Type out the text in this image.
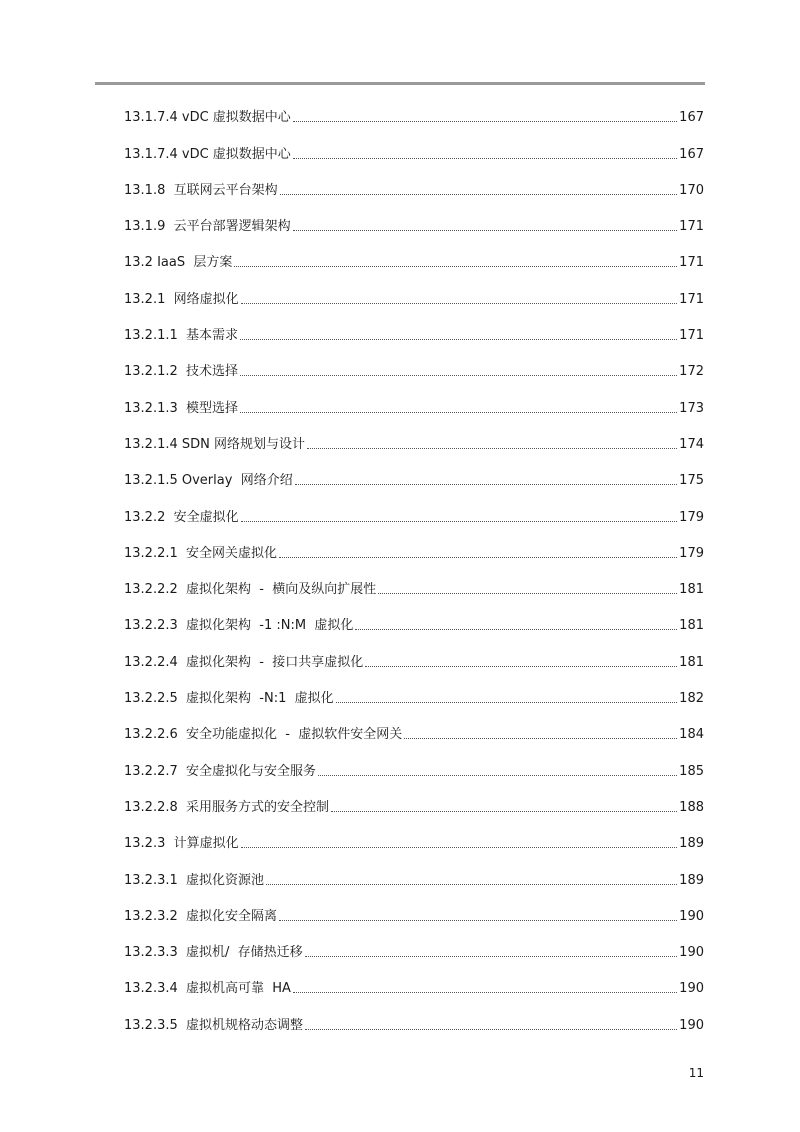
13.1.7.4 vDC 虚拟数据中心	167
13.1.7.4 vDC 虚拟数据中心	167
13.1.8  互联网云平台架构	170
13.1.9  云平台部署逻辑架构	171
13.2 IaaS  层方案	171
13.2.1  网络虚拟化	171
13.2.1.1  基本需求	171
13.2.1.2  技术选择	172
13.2.1.3  模型选择	173
13.2.1.4 SDN 网络规划与设计	174
13.2.1.5 Overlay  网络介绍	175
13.2.2  安全虚拟化	179
13.2.2.1  安全网关虚拟化	179
13.2.2.2  虚拟化架构  -  横向及纵向扩展性	181
13.2.2.3  虚拟化架构  -1 :N:M  虚拟化	181
13.2.2.4  虚拟化架构  -  接口共享虚拟化	181
13.2.2.5  虚拟化架构  -N:1  虚拟化	182
13.2.2.6  安全功能虚拟化  -  虚拟软件安全网关	184
13.2.2.7  安全虚拟化与安全服务	185
13.2.2.8  采用服务方式的安全控制	188
13.2.3  计算虚拟化	189
13.2.3.1  虚拟化资源池	189
13.2.3.2  虚拟化安全隔离	190
13.2.3.3  虚拟机/  存储热迁移	190
13.2.3.4  虚拟机高可靠  HA	190
13.2.3.5  虚拟机规格动态调整	190
11
